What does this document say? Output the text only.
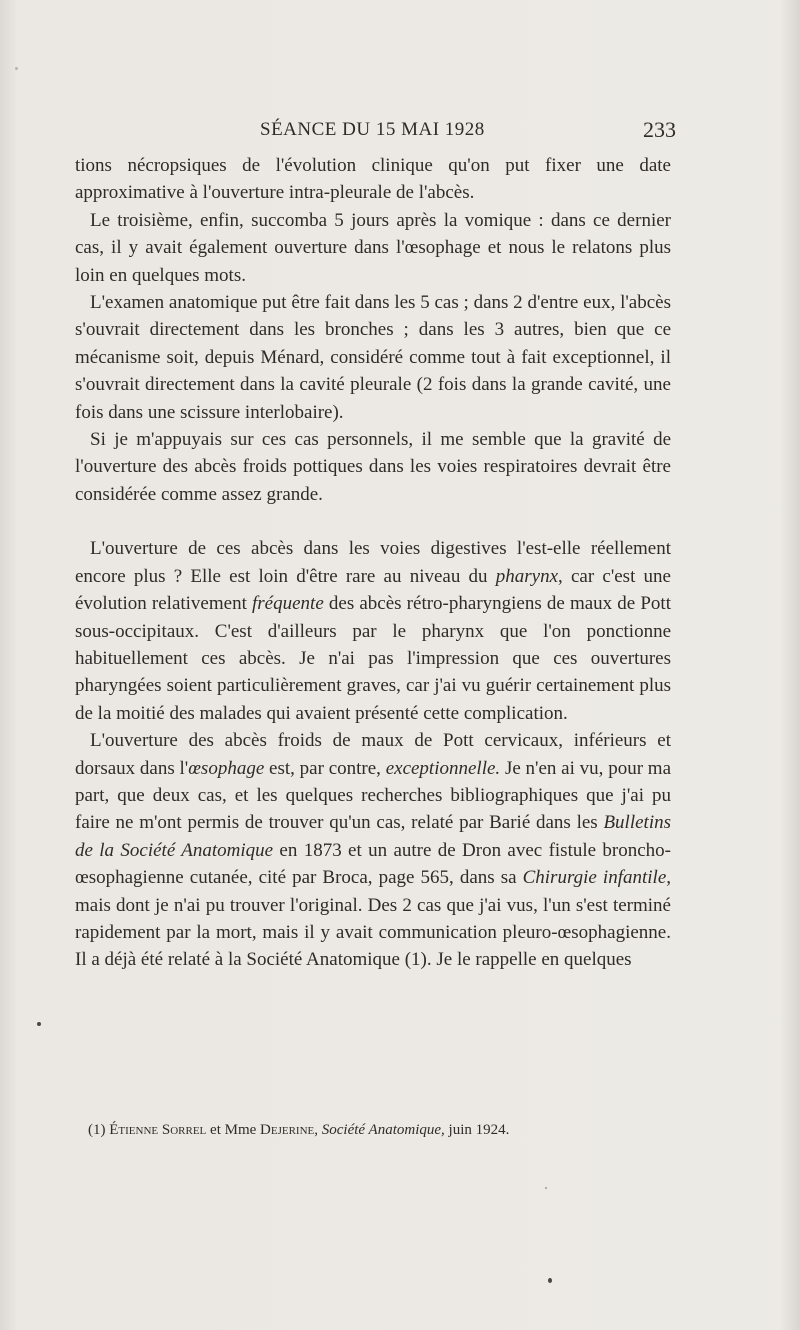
SÉANCE DU 15 MAI 1928	233

tions nécropsiques de l'évolution clinique qu'on put fixer une date approximative à l'ouverture intra-pleurale de l'abcès.

Le troisième, enfin, succomba 5 jours après la vomique : dans ce dernier cas, il y avait également ouverture dans l'œsophage et nous le relatons plus loin en quelques mots.

L'examen anatomique put être fait dans les 5 cas ; dans 2 d'entre eux, l'abcès s'ouvrait directement dans les bronches ; dans les 3 autres, bien que ce mécanisme soit, depuis Ménard, considéré comme tout à fait exceptionnel, il s'ouvrait directement dans la cavité pleurale (2 fois dans la grande cavité, une fois dans une scissure interlobaire).

Si je m'appuyais sur ces cas personnels, il me semble que la gravité de l'ouverture des abcès froids pottiques dans les voies respiratoires devrait être considérée comme assez grande.

L'ouverture de ces abcès dans les voies digestives l'est-elle réellement encore plus ? Elle est loin d'être rare au niveau du pharynx, car c'est une évolution relativement fréquente des abcès rétro-pharyngiens de maux de Pott sous-occipitaux. C'est d'ailleurs par le pharynx que l'on ponctionne habituellement ces abcès. Je n'ai pas l'impression que ces ouvertures pharyngées soient particulièrement graves, car j'ai vu guérir certainement plus de la moitié des malades qui avaient présenté cette complication.

L'ouverture des abcès froids de maux de Pott cervicaux, inférieurs et dorsaux dans l'œsophage est, par contre, exceptionnelle. Je n'en ai vu, pour ma part, que deux cas, et les quelques recherches bibliographiques que j'ai pu faire ne m'ont permis de trouver qu'un cas, relaté par Barié dans les Bulletins de la Société Anatomique en 1873 et un autre de Dron avec fistule broncho-œsophagienne cutanée, cité par Broca, page 565, dans sa Chirurgie infantile, mais dont je n'ai pu trouver l'original. Des 2 cas que j'ai vus, l'un s'est terminé rapidement par la mort, mais il y avait communication pleuro-œsophagienne. Il a déjà été relaté à la Société Anatomique (1). Je le rappelle en quelques

(1) Étienne Sorrel et Mme Dejerine, Société Anatomique, juin 1924.
